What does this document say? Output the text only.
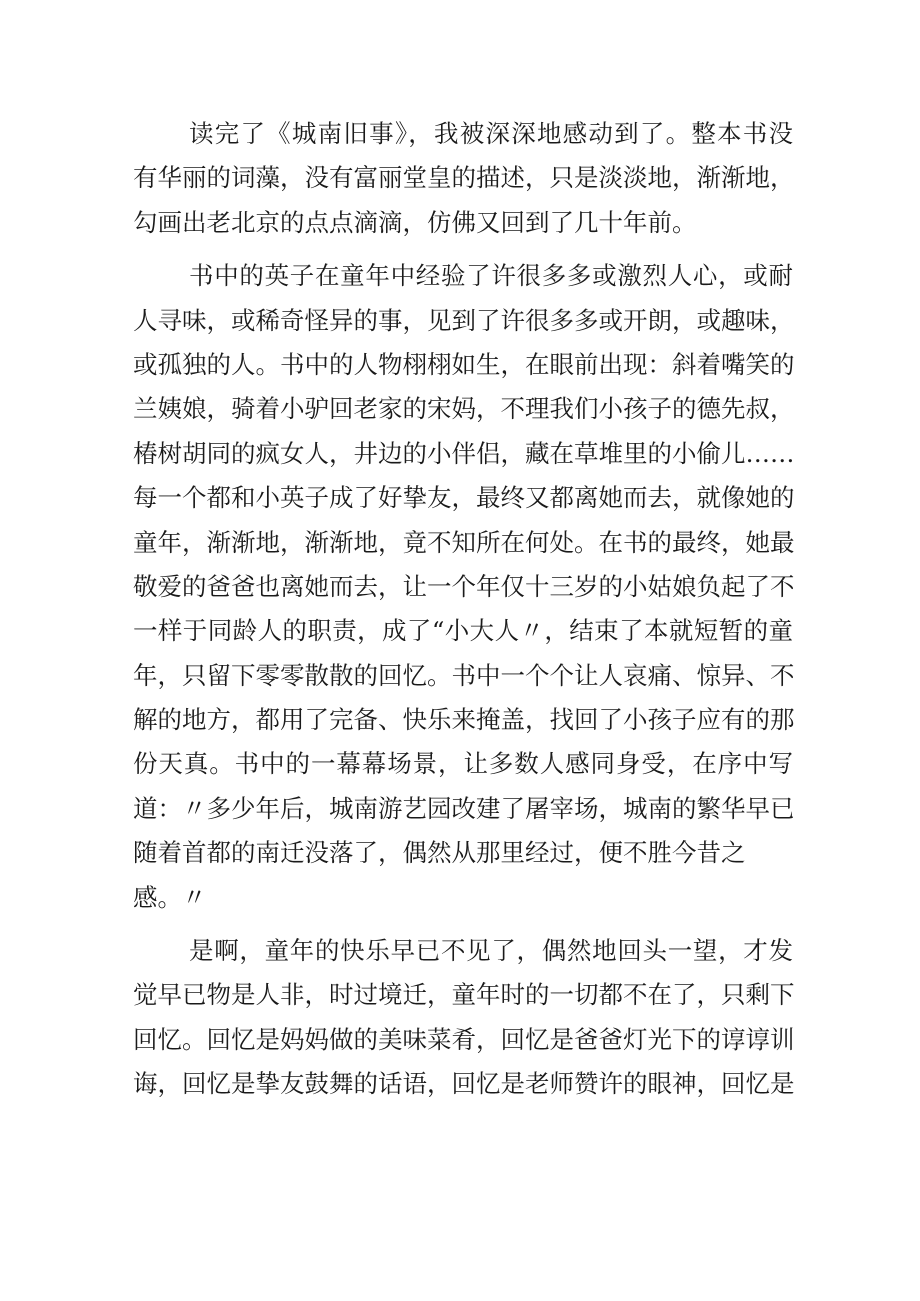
读完了《城南旧事》，我被深深地感动到了。整本书没
有华丽的词藻，没有富丽堂皇的描述，只是淡淡地，渐渐地，
勾画出老北京的点点滴滴，仿佛又回到了几十年前。
书中的英子在童年中经验了许很多多或激烈人心，或耐
人寻味，或稀奇怪异的事，见到了许很多多或开朗，或趣味，
或孤独的人。书中的人物栩栩如生，在眼前出现：斜着嘴笑的
兰姨娘，骑着小驴回老家的宋妈，不理我们小孩子的德先叔，
椿树胡同的疯女人，井边的小伴侣，藏在草堆里的小偷儿……
每一个都和小英子成了好挚友，最终又都离她而去，就像她的
童年，渐渐地，渐渐地，竟不知所在何处。在书的最终，她最
敬爱的爸爸也离她而去，让一个年仅十三岁的小姑娘负起了不
一样于同龄人的职责，成了“小大人〃，结束了本就短暂的童
年，只留下零零散散的回忆。书中一个个让人哀痛、惊异、不
解的地方，都用了完备、快乐来掩盖，找回了小孩子应有的那
份天真。书中的一幕幕场景，让多数人感同身受，在序中写
道：〃多少年后，城南游艺园改建了屠宰场，城南的繁华早已
随着首都的南迁没落了，偶然从那里经过，便不胜今昔之
感。〃
是啊，童年的快乐早已不见了，偶然地回头一望，才发
觉早已物是人非，时过境迁，童年时的一切都不在了，只剩下
回忆。回忆是妈妈做的美味菜肴，回忆是爸爸灯光下的谆谆训
诲，回忆是挚友鼓舞的话语，回忆是老师赞许的眼神，回忆是
